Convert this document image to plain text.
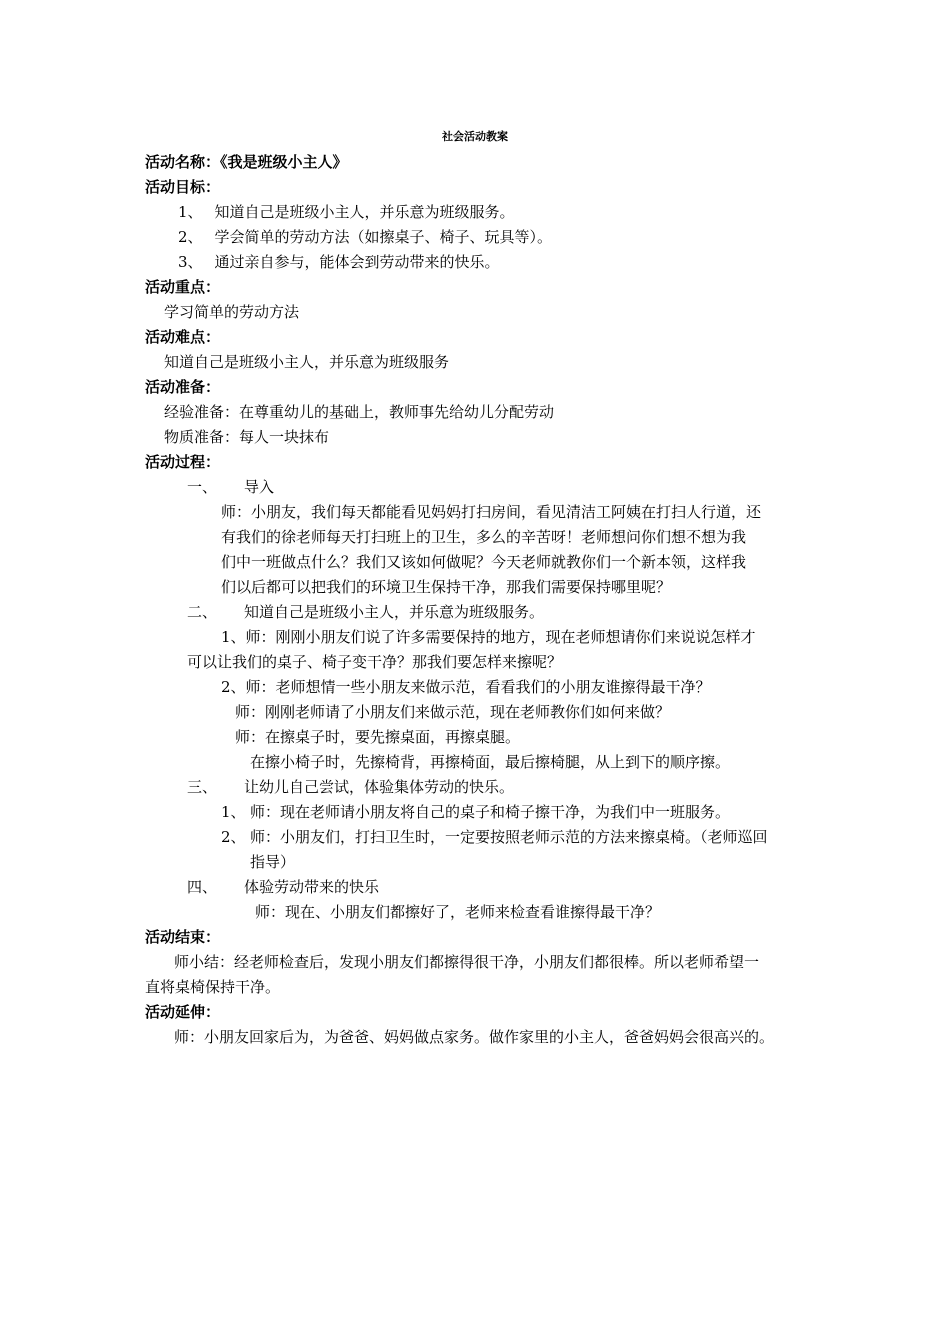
社会活动教案
活动名称：《我是班级小主人》
活动目标：
1、 知道自己是班级小主人，并乐意为班级服务。
2、 学会简单的劳动方法（如擦桌子、椅子、玩具等）。
3、 通过亲自参与，能体会到劳动带来的快乐。
活动重点：
学习简单的劳动方法
活动难点：
知道自己是班级小主人，并乐意为班级服务
活动准备：
经验准备：在尊重幼儿的基础上，教师事先给幼儿分配劳动
物质准备：每人一块抹布
活动过程：
一、 导入
师：小朋友，我们每天都能看见妈妈打扫房间，看见清洁工阿姨在打扫人行道，还
有我们的徐老师每天打扫班上的卫生，多么的辛苦呀！老师想问你们想不想为我
们中一班做点什么？我们又该如何做呢？今天老师就教你们一个新本领，这样我
们以后都可以把我们的环境卫生保持干净，那我们需要保持哪里呢？
二、 知道自己是班级小主人，并乐意为班级服务。
1、师：刚刚小朋友们说了许多需要保持的地方，现在老师想请你们来说说怎样才
可以让我们的桌子、椅子变干净？那我们要怎样来擦呢？
2、师：老师想情一些小朋友来做示范，看看我们的小朋友谁擦得最干净？
师：刚刚老师请了小朋友们来做示范，现在老师教你们如何来做？
师：在擦桌子时，要先擦桌面，再擦桌腿。
在擦小椅子时，先擦椅背，再擦椅面，最后擦椅腿，从上到下的顺序擦。
三、 让幼儿自己尝试，体验集体劳动的快乐。
1、 师：现在老师请小朋友将自己的桌子和椅子擦干净，为我们中一班服务。
2、 师：小朋友们，打扫卫生时，一定要按照老师示范的方法来擦桌椅。（老师巡回
指导）
四、 体验劳动带来的快乐
师：现在、小朋友们都擦好了，老师来检查看谁擦得最干净？
活动结束：
师小结：经老师检查后，发现小朋友们都擦得很干净，小朋友们都很棒。所以老师希望一
直将桌椅保持干净。
活动延伸：
师：小朋友回家后为，为爸爸、妈妈做点家务。做作家里的小主人，爸爸妈妈会很高兴的。
